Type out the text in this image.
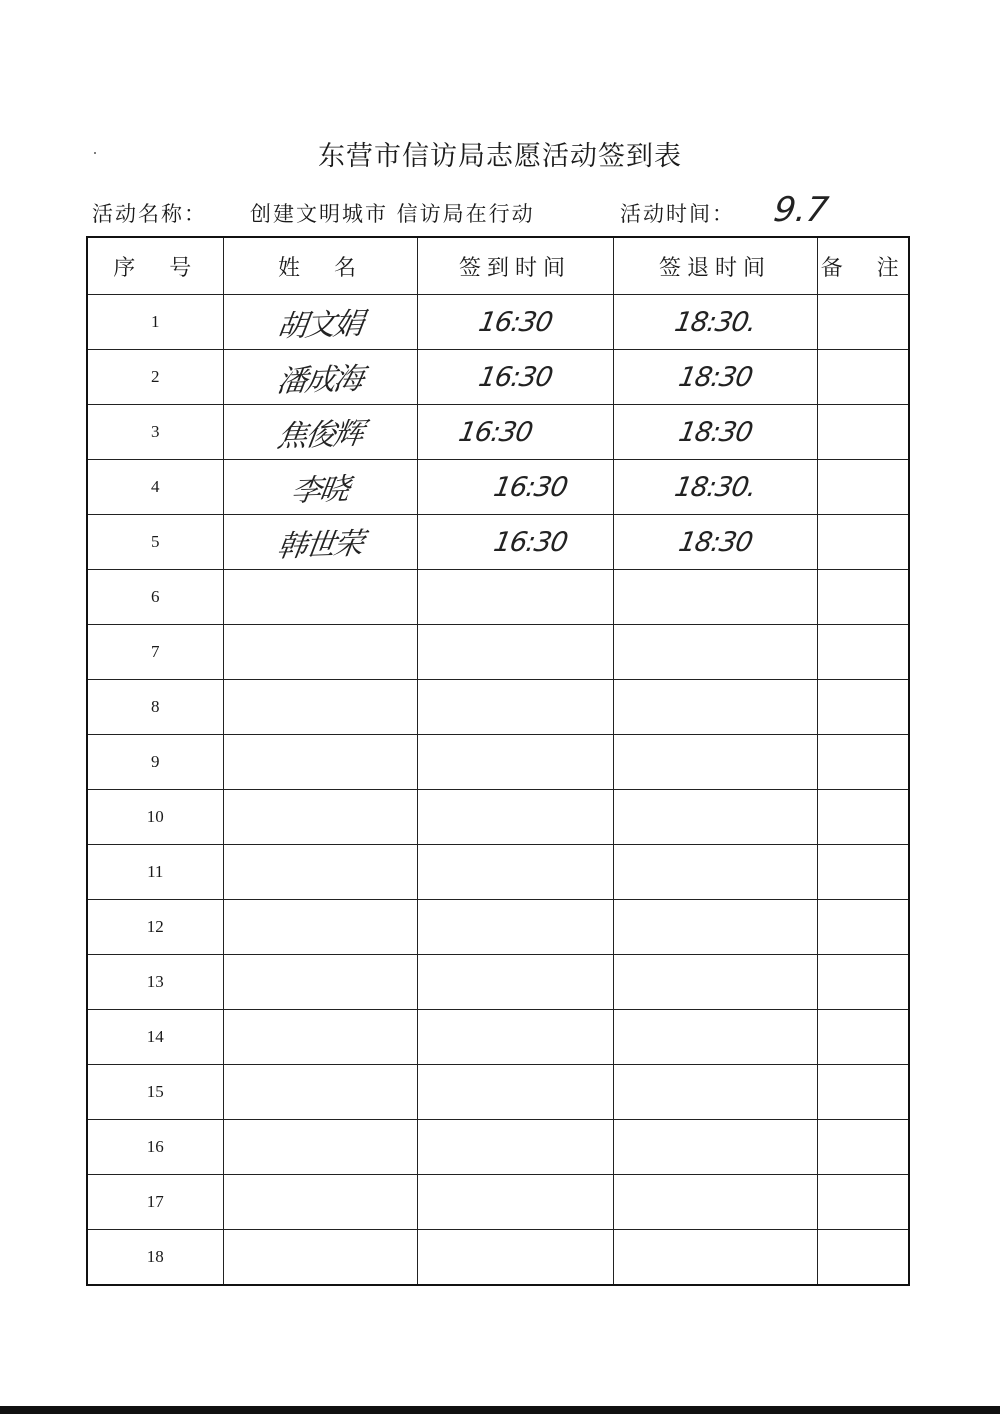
东营市信访局志愿活动签到表
活动名称： 创建文明城市 信访局在行动	活动时间： 9.7
序　号	姓　名	签到时间	签退时间	备　注
1	胡文娟	16:30	18:30.	
2	潘成海	16:30	18:30	
3	焦俊辉	16:30	18:30	
4	李晓	16:30	18:30.	
5	韩世荣	16:30	18:30	
6				
7				
8				
9				
10				
11				
12				
13				
14				
15				
16				
17				
18				
